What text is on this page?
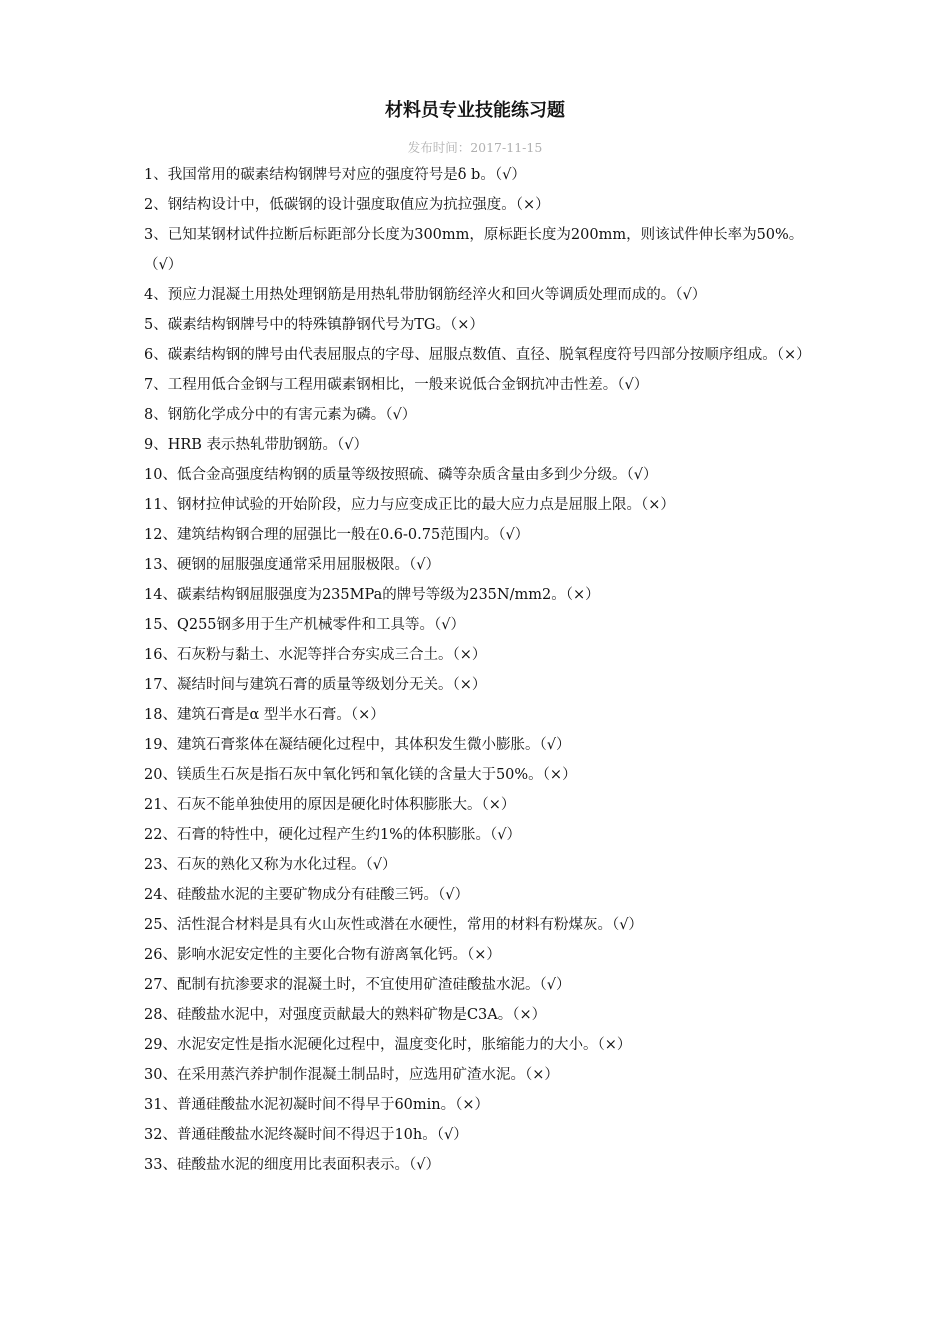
材料员专业技能练习题
发布时间：2017-11-15
1、我国常用的碳素结构钢牌号对应的强度符号是δ b。（√）
2、钢结构设计中，低碳钢的设计强度取值应为抗拉强度。（×）
3、已知某钢材试件拉断后标距部分长度为300mm，原标距长度为200mm，则该试件伸长率为50%。（√）
4、预应力混凝土用热处理钢筋是用热轧带肋钢筋经淬火和回火等调质处理而成的。（√）
5、碳素结构钢牌号中的特殊镇静钢代号为TG。（×）
6、碳素结构钢的牌号由代表屈服点的字母、屈服点数值、直径、脱氧程度符号四部分按顺序组成。（×）
7、工程用低合金钢与工程用碳素钢相比，一般来说低合金钢抗冲击性差。（√）
8、钢筋化学成分中的有害元素为磷。（√）
9、HRB 表示热轧带肋钢筋。（√）
10、低合金高强度结构钢的质量等级按照硫、磷等杂质含量由多到少分级。（√）
11、钢材拉伸试验的开始阶段，应力与应变成正比的最大应力点是屈服上限。（×）
12、建筑结构钢合理的屈强比一般在0.6-0.75范围内。（√）
13、硬钢的屈服强度通常采用屈服极限。（√）
14、碳素结构钢屈服强度为235MPa的牌号等级为235N/mm2。（×）
15、Q255钢多用于生产机械零件和工具等。（√）
16、石灰粉与黏土、水泥等拌合夯实成三合土。（×）
17、凝结时间与建筑石膏的质量等级划分无关。（×）
18、建筑石膏是α 型半水石膏。（×）
19、建筑石膏浆体在凝结硬化过程中，其体积发生微小膨胀。（√）
20、镁质生石灰是指石灰中氧化钙和氧化镁的含量大于50%。（×）
21、石灰不能单独使用的原因是硬化时体积膨胀大。（×）
22、石膏的特性中，硬化过程产生约1%的体积膨胀。（√）
23、石灰的熟化又称为水化过程。（√）
24、硅酸盐水泥的主要矿物成分有硅酸三钙。（√）
25、活性混合材料是具有火山灰性或潜在水硬性，常用的材料有粉煤灰。（√）
26、影响水泥安定性的主要化合物有游离氧化钙。（×）
27、配制有抗渗要求的混凝土时，不宜使用矿渣硅酸盐水泥。（√）
28、硅酸盐水泥中，对强度贡献最大的熟料矿物是C3A。（×）
29、水泥安定性是指水泥硬化过程中，温度变化时，胀缩能力的大小。（×）
30、在采用蒸汽养护制作混凝土制品时，应选用矿渣水泥。（×）
31、普通硅酸盐水泥初凝时间不得早于60min。（×）
32、普通硅酸盐水泥终凝时间不得迟于10h。（√）
33、硅酸盐水泥的细度用比表面积表示。（√）
